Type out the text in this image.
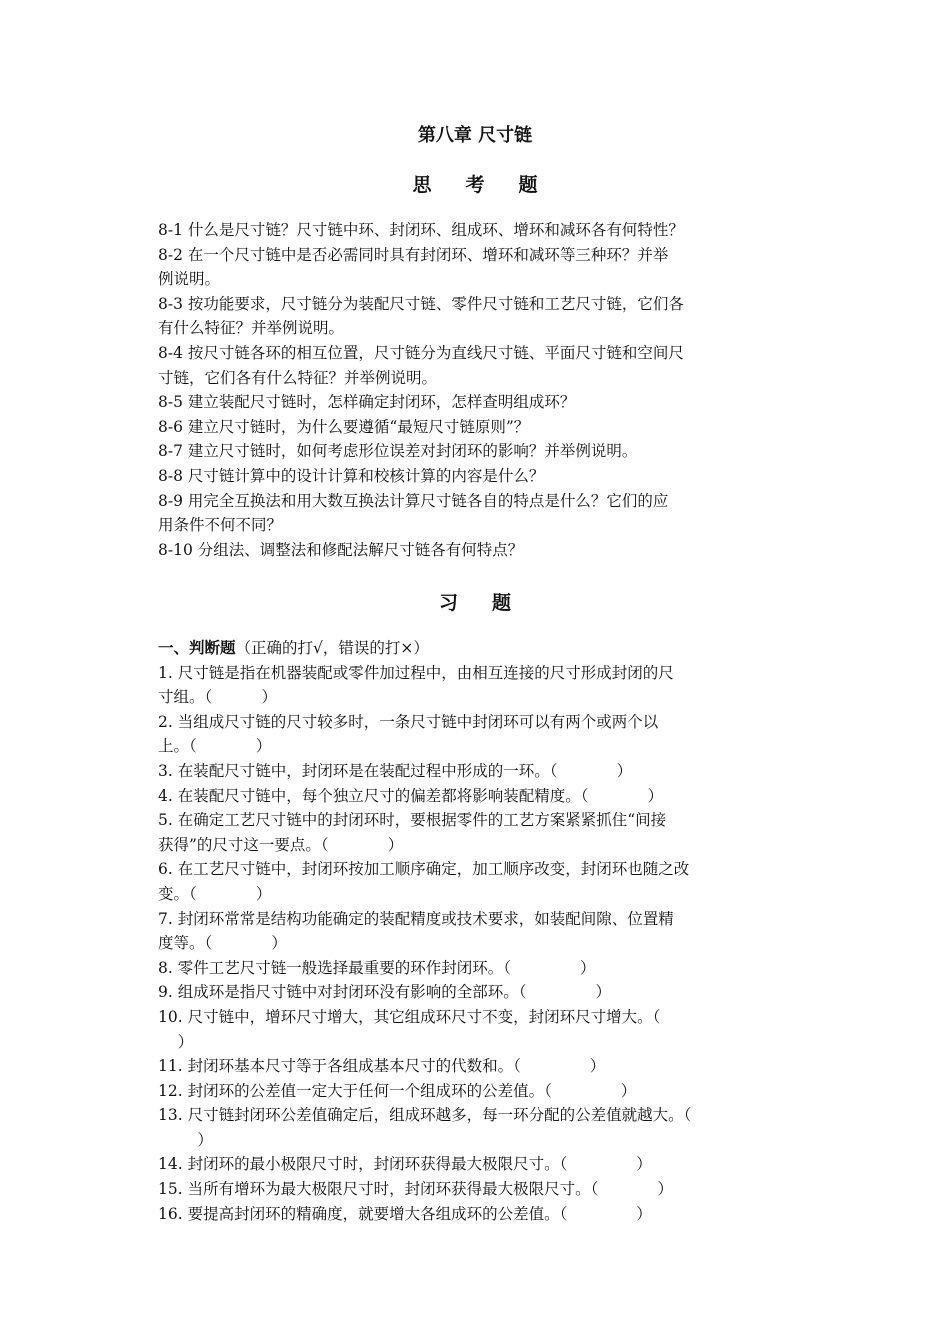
第八章 尺寸链
思 考 题
8-1 什么是尺寸链？尺寸链中环、封闭环、组成环、增环和减环各有何特性？
8-2 在一个尺寸链中是否必需同时具有封闭环、增环和减环等三种环？并举
例说明。
8-3 按功能要求，尺寸链分为装配尺寸链、零件尺寸链和工艺尺寸链，它们各
有什么特征？并举例说明。
8-4 按尺寸链各环的相互位置，尺寸链分为直线尺寸链、平面尺寸链和空间尺
寸链，它们各有什么特征？并举例说明。
8-5 建立装配尺寸链时，怎样确定封闭环，怎样查明组成环？
8-6 建立尺寸链时，为什么要遵循“最短尺寸链原则”？
8-7 建立尺寸链时，如何考虑形位误差对封闭环的影响？并举例说明。
8-8 尺寸链计算中的设计计算和校核计算的内容是什么？
8-9 用完全互换法和用大数互换法计算尺寸链各自的特点是什么？它们的应
用条件不何不同？
8-10 分组法、调整法和修配法解尺寸链各有何特点？
习 题
一、判断题（正确的打√，错误的打×）
1. 尺寸链是指在机器装配或零件加过程中，由相互连接的尺寸形成封闭的尺
寸组。（          ）
2. 当组成尺寸链的尺寸较多时，一条尺寸链中封闭环可以有两个或两个以
上。（            ）
3. 在装配尺寸链中，封闭环是在装配过程中形成的一环。（            ）
4. 在装配尺寸链中，每个独立尺寸的偏差都将影响装配精度。（            ）
5. 在确定工艺尺寸链中的封闭环时，要根据零件的工艺方案紧紧抓住“间接
获得”的尺寸这一要点。（            ）
6. 在工艺尺寸链中，封闭环按加工顺序确定，加工顺序改变，封闭环也随之改
变。（            ）
7. 封闭环常常是结构功能确定的装配精度或技术要求，如装配间隙、位置精
度等。（            ）
8. 零件工艺尺寸链一般选择最重要的环作封闭环。（              ）
9. 组成环是指尺寸链中对封闭环没有影响的全部环。（              ）
10. 尺寸链中，增环尺寸增大，其它组成环尺寸不变，封闭环尺寸增大。（
）
11. 封闭环基本尺寸等于各组成基本尺寸的代数和。（              ）
12. 封闭环的公差值一定大于任何一个组成环的公差值。（              ）
13. 尺寸链封闭环公差值确定后，组成环越多，每一环分配的公差值就越大。（
）
14. 封闭环的最小极限尺寸时，封闭环获得最大极限尺寸。（              ）
15. 当所有增环为最大极限尺寸时，封闭环获得最大极限尺寸。（            ）
16. 要提高封闭环的精确度，就要增大各组成环的公差值。（              ）
